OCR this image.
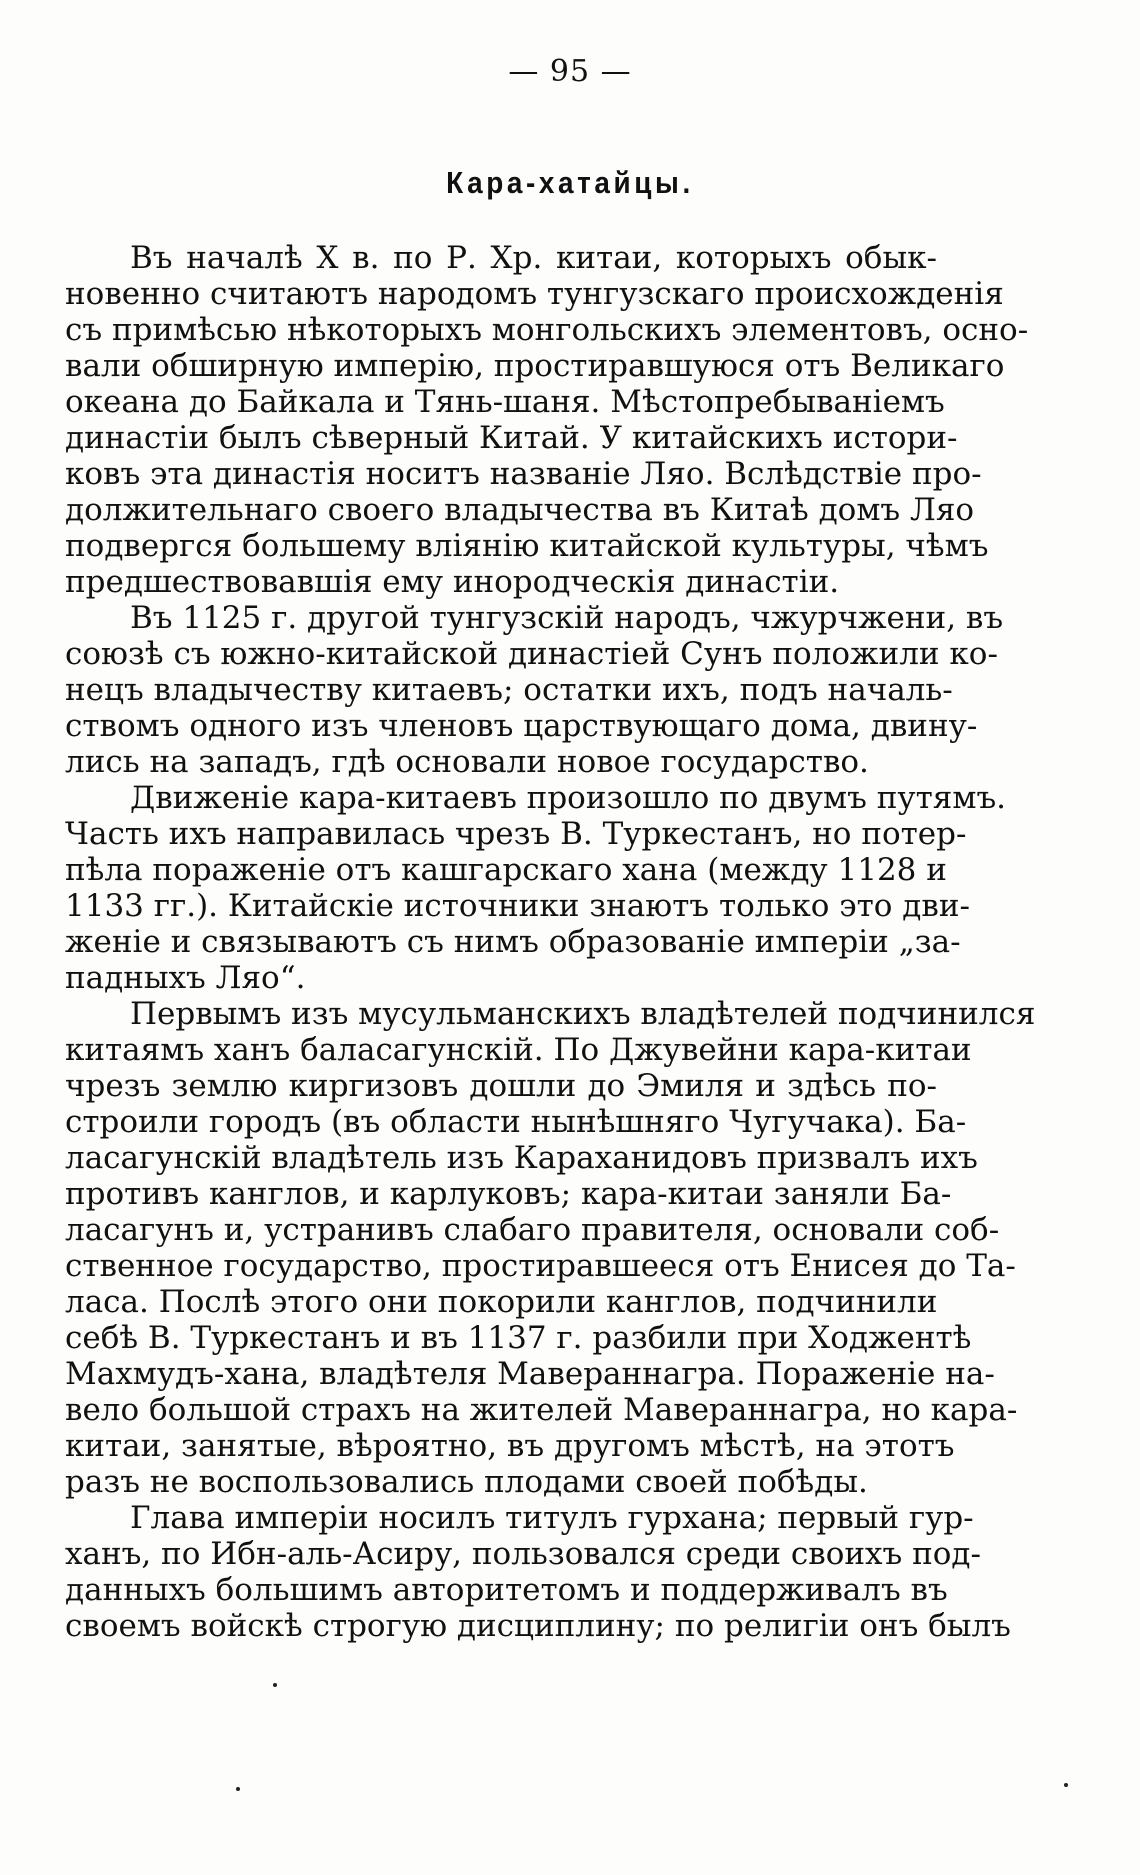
— 95 —
Кара-хатайцы.
Въ началѣ X в. по Р. Хр. китаи, которыхъ обык-
новенно считаютъ народомъ тунгузскаго происхожденія
съ примѣсью нѣкоторыхъ монгольскихъ элементовъ, осно-
вали обширную имперію, простиравшуюся отъ Великаго
океана до Байкала и Тянь-шаня. Мѣстопребываніемъ
династіи былъ сѣверный Китай. У китайскихъ истори-
ковъ эта династія носитъ названіе Ляо. Вслѣдствіе про-
должительнаго своего владычества въ Китаѣ домъ Ляо
подвергся большему вліянію китайской культуры, чѣмъ
предшествовавшія ему инородческія династіи.
Въ 1125 г. другой тунгузскій народъ, чжурчжени, въ
союзѣ съ южно-китайской династіей Сунъ положили ко-
нецъ владычеству китаевъ; остатки ихъ, подъ началь-
ствомъ одного изъ членовъ царствующаго дома, двину-
лись на западъ, гдѣ основали новое государство.
Движеніе кара-китаевъ произошло по двумъ путямъ.
Часть ихъ направилась чрезъ В. Туркестанъ, но потер-
пѣла пораженіе отъ кашгарскаго хана (между 1128 и
1133 гг.). Китайскіе источники знаютъ только это дви-
женіе и связываютъ съ нимъ образованіе имперіи „за-
падныхъ Ляо“.
Первымъ изъ мусульманскихъ владѣтелей подчинился
китаямъ ханъ баласагунскій. По Джувейни кара-китаи
чрезъ землю киргизовъ дошли до Эмиля и здѣсь по-
строили городъ (въ области нынѣшняго Чугучака). Ба-
ласагунскій владѣтель изъ Караханидовъ призвалъ ихъ
противъ канглов, и карлуковъ; кара-китаи заняли Ба-
ласагунъ и, устранивъ слабаго правителя, основали соб-
ственное государство, простиравшееся отъ Енисея до Та-
ласа. Послѣ этого они покорили канглов, подчинили
себѣ В. Туркестанъ и въ 1137 г. разбили при Ходжентѣ
Махмудъ-хана, владѣтеля Мавераннагра. Пораженіе на-
вело большой страхъ на жителей Мавераннагра, но кара-
китаи, занятые, вѣроятно, въ другомъ мѣстѣ, на этотъ
разъ не воспользовались плодами своей побѣды.
Глава имперіи носилъ титулъ гурхана; первый гур-
ханъ, по Ибн-аль-Асиру, пользовался среди своихъ под-
данныхъ большимъ авторитетомъ и поддерживалъ въ
своемъ войскѣ строгую дисциплину; по религіи онъ былъ
